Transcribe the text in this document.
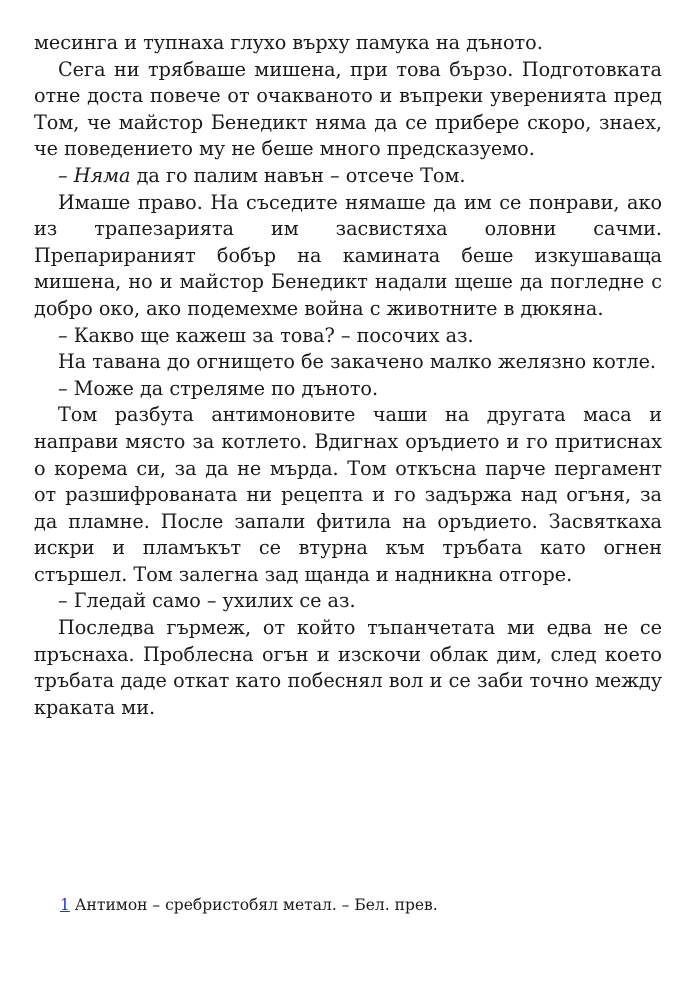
месинга и тупнаха глухо върху памука на дъното.

Сега ни трябваше мишена, при това бързо. Подготовката отне доста повече от очакваното и въпреки уверенията пред Том, че майстор Бенедикт няма да се прибере скоро, знаех, че поведението му не беше много предсказуемо.

– Няма да го палим навън – отсече Том.

Имаше право. На съседите нямаше да им се понрави, ако из трапезарията им засвистяха оловни сачми. Препарираният бобър на камината беше изкушаваща мишена, но и майстор Бенедикт надали щеше да погледне с добро око, ако подемехме война с животните в дюкяна.

– Какво ще кажеш за това? – посочих аз.

На тавана до огнището бе закачено малко желязно котле.

– Може да стреляме по дъното.

Том разбута антимоновите чаши на другата маса и направи място за котлето. Вдигнах оръдието и го притиснах о корема си, за да не мърда. Том откъсна парче пергамент от разшифрованата ни рецепта и го задържа над огъня, за да пламне. После запали фитила на оръдието. Засвяткаха искри и пламъкът се втурна към тръбата като огнен стършел. Том залегна зад щанда и надникна отгоре.

– Гледай само – ухилих се аз.

Последва гърмеж, от който тъпанчетата ми едва не се пръснаха. Проблесна огън и изскочи облак дим, след което тръбата даде откат като побеснял вол и се заби точно между краката ми.

1 Антимон – сребристобял метал. – Бел. прев.
